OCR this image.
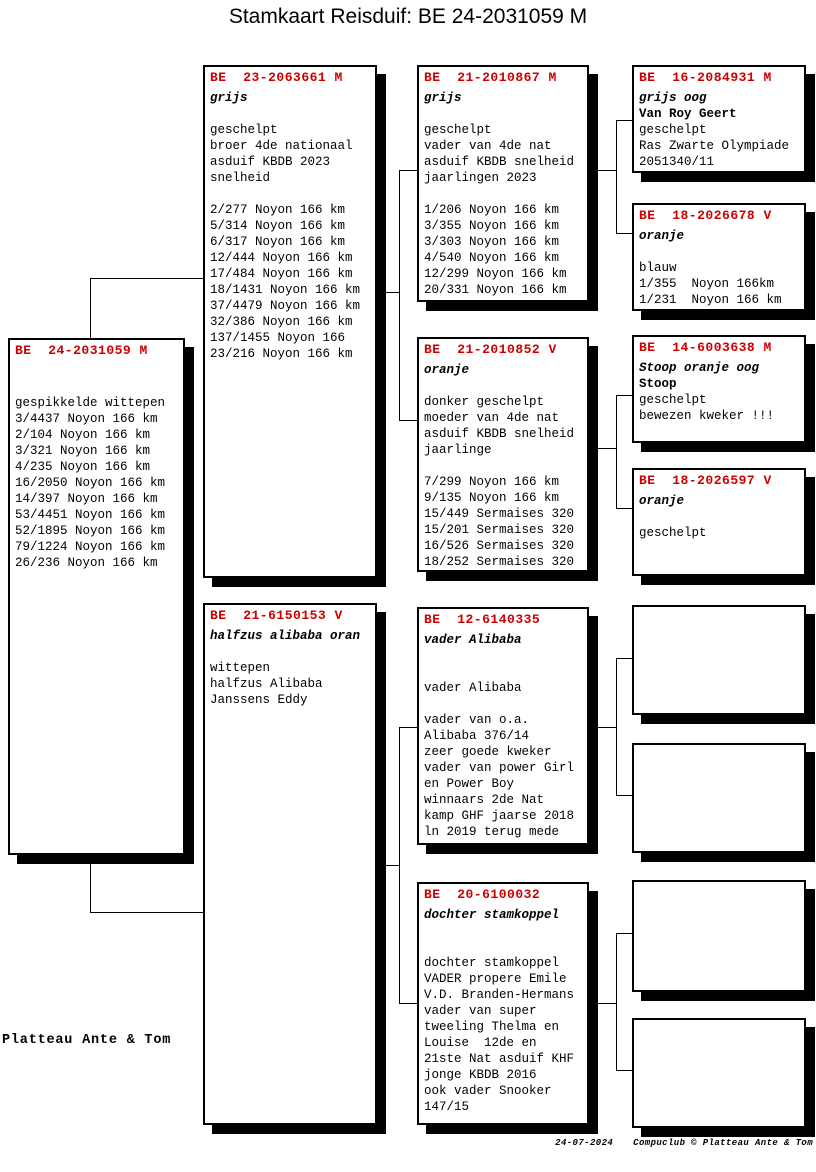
Stamkaart Reisduif: BE 24-2031059 M
BE  24-2031059 M

gespikkelde wittepen
3/4437 Noyon 166 km
2/104 Noyon 166 km
3/321 Noyon 166 km
4/235 Noyon 166 km
16/2050 Noyon 166 km
14/397 Noyon 166 km
53/4451 Noyon 166 km
52/1895 Noyon 166 km
79/1224 Noyon 166 km
26/236 Noyon 166 km
BE  23-2063661 M
grijs

geschelpt
broer 4de nationaal
asduif KBDB 2023
snelheid

2/277 Noyon 166 km
5/314 Noyon 166 km
6/317 Noyon 166 km
12/444 Noyon 166 km
17/484 Noyon 166 km
18/1431 Noyon 166 km
37/4479 Noyon 166 km
32/386 Noyon 166 km
137/1455 Noyon 166
23/216 Noyon 166 km
BE  21-6150153 V
halfzus alibaba oran

wittepen
halfzus Alibaba
Janssens Eddy
BE  21-2010867 M
grijs

geschelpt
vader van 4de nat
asduif KBDB snelheid
jaarlingen 2023

1/206 Noyon 166 km
3/355 Noyon 166 km
3/303 Noyon 166 km
4/540 Noyon 166 km
12/299 Noyon 166 km
20/331 Noyon 166 km
BE  21-2010852 V
oranje

donker geschelpt
moeder van 4de nat
asduif KBDB snelheid
jaarlinge

7/299 Noyon 166 km
9/135 Noyon 166 km
15/449 Sermaises 320
15/201 Sermaises 320
16/526 Sermaises 320
18/252 Sermaises 320
BE  12-6140335
vader Alibaba

vader Alibaba

vader van o.a.
Alibaba 376/14
zeer goede kweker
vader van power Girl
en Power Boy
winnaars 2de Nat
kamp GHF jaarse 2018
ln 2019 terug mede
BE  20-6100032
dochter stamkoppel

dochter stamkoppel
VADER propere Emile
V.D. Branden-Hermans
vader van super
tweeling Thelma en
Louise  12de en
21ste Nat asduif KHF
jonge KBDB 2016
ook vader Snooker
147/15
BE  16-2084931 M
grijs oog
Van Roy Geert
geschelpt
Ras Zwarte Olympiade
2051340/11
BE  18-2026678 V
oranje

blauw
1/355  Noyon 166km
1/231  Noyon 166 km
BE  14-6003638 M
Stoop oranje oog
Stoop
geschelpt
bewezen kweker !!!
BE  18-2026597 V
oranje

geschelpt

Platteau Ante & Tom
24-07-2024 Compuclub © Platteau Ante & Tom
